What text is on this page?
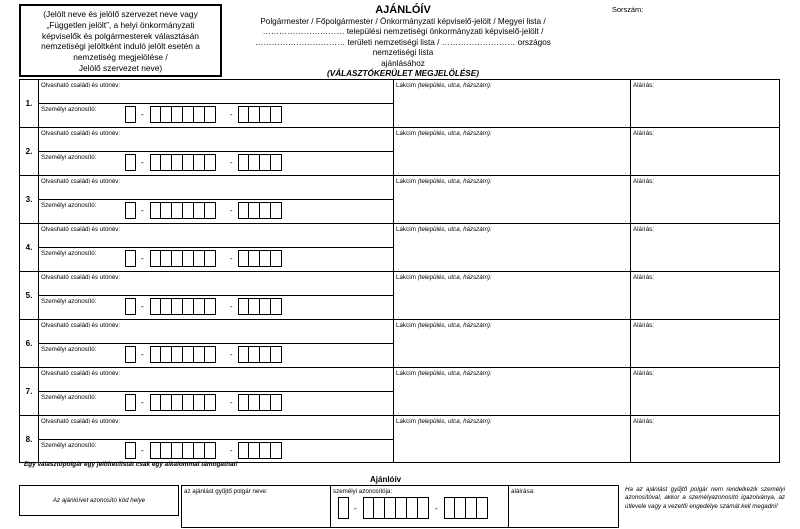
(Jelölt neve és jelölő szervezet neve vagy
„Független jelölt”, a helyi önkormányzati
képviselők és polgármesterek választásán
nemzetiségi jelöltként induló jelölt esetén a
nemzetiség megjelölése /
Jelölő szervezet neve)
AJÁNLÓÍV
Polgármester / Főpolgármester / Önkormányzati képviselő-jelölt / Megyei lista /
………………………… települési nemzetiségi önkormányzati képviselő-jelölt /
…………………………… területi nemzetiségi lista / ……………………… országos nemzetiségi lista
ajánlásához
(VÁLASZTÓKERÜLET MEGJELÖLÉSE)
Sorszám:
1.
Olvasható családi és utónév:
Személyi azonosító:
-	-
Lakcím (település, utca, házszám):	Aláírás:
2.
Olvasható családi és utónév:
Személyi azonosító:
-	-
Lakcím (település, utca, házszám):	Aláírás:
3.
Olvasható családi és utónév:
Személyi azonosító:
-	-
Lakcím (település, utca, házszám):	Aláírás:
4.
Olvasható családi és utónév:
Személyi azonosító:
-	-
Lakcím (település, utca, házszám):	Aláírás:
5.
Olvasható családi és utónév:
Személyi azonosító:
-	-
Lakcím (település, utca, házszám):	Aláírás:
6.
Olvasható családi és utónév:
Személyi azonosító:
-	-
Lakcím (település, utca, házszám):	Aláírás:
7.
Olvasható családi és utónév:
Személyi azonosító:
-	-
Lakcím (település, utca, házszám):	Aláírás:
8.
Olvasható családi és utónév:
Személyi azonosító:
-	-
Lakcím (település, utca, házszám):	Aláírás:
Egy választópolgár egy jelöltet/listát csak egy alkalommal támogathat!
Ajánlóív
Az ajánlóívet azonosító kód helye
az ajánlást gyűjtő polgár neve:	személyi azonosítója:
-	-
aláírása:	Ha az ajánlást gyűjtő polgár nem rendelkezik személyi azonosítóval, akkor a személyazonosító igazolványa, az útlevele vagy a vezetői engedélye számát kell megadni!
